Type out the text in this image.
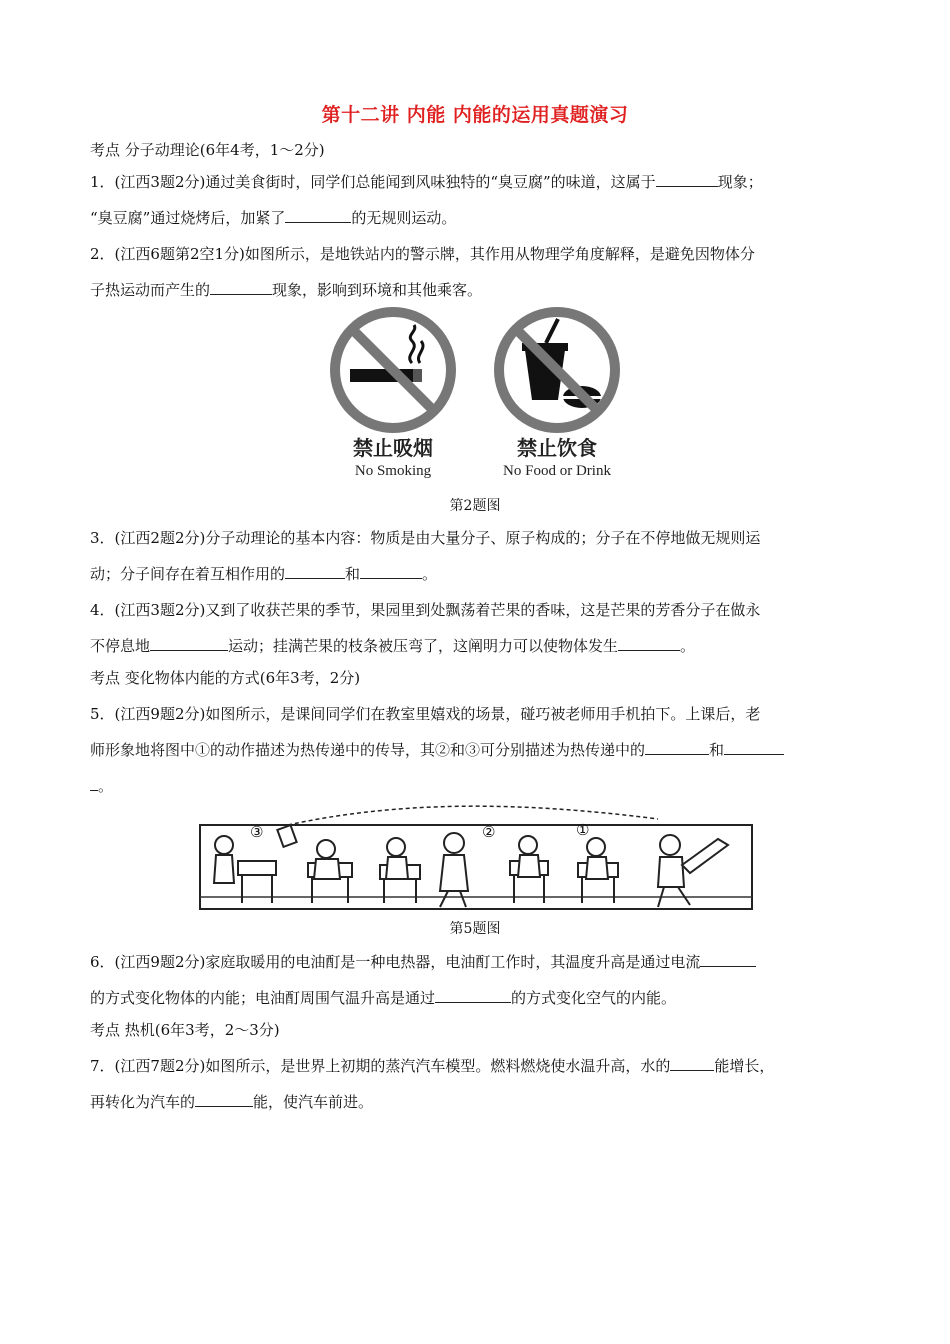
第十二讲 内能 内能的运用真题演习
考点 分子动理论(6年4考，1～2分)
1．(江西3题2分)通过美食街时，同学们总能闻到风味独特的“臭豆腐”的味道，这属于	现象；
“臭豆腐”通过烧烤后，加紧了	的无规则运动。
2．(江西6题第2空1分)如图所示，是地铁站内的警示牌，其作用从物理学角度解释，是避免因物体分
子热运动而产生的	现象，影响到环境和其他乘客。
禁止吸烟
No Smoking
禁止饮食
No Food or Drink
第2题图
3．(江西2题2分)分子动理论的基本内容：物质是由大量分子、原子构成的；分子在不停地做无规则运
动；分子间存在着互相作用的	和	。
4．(江西3题2分)又到了收获芒果的季节，果园里到处飘荡着芒果的香味，这是芒果的芳香分子在做永
不停息地	运动；挂满芒果的枝条被压弯了，这阐明力可以使物体发生	。
考点 变化物体内能的方式(6年3考，2分)
5．(江西9题2分)如图所示，是课间同学们在教室里嬉戏的场景，碰巧被老师用手机拍下。上课后，老
师形象地将图中①的动作描述为热传递中的传导，其②和③可分别描述为热传递中的	和
。
③	②	①
第5题图
6．(江西9题2分)家庭取暖用的电油酊是一种电热器，电油酊工作时，其温度升高是通过电流
的方式变化物体的内能；电油酊周围气温升高是通过	的方式变化空气的内能。
考点 热机(6年3考，2～3分)
7．(江西7题2分)如图所示，是世界上初期的蒸汽汽车模型。燃料燃烧使水温升高，水的	能增长，
再转化为汽车的	能，使汽车前进。
